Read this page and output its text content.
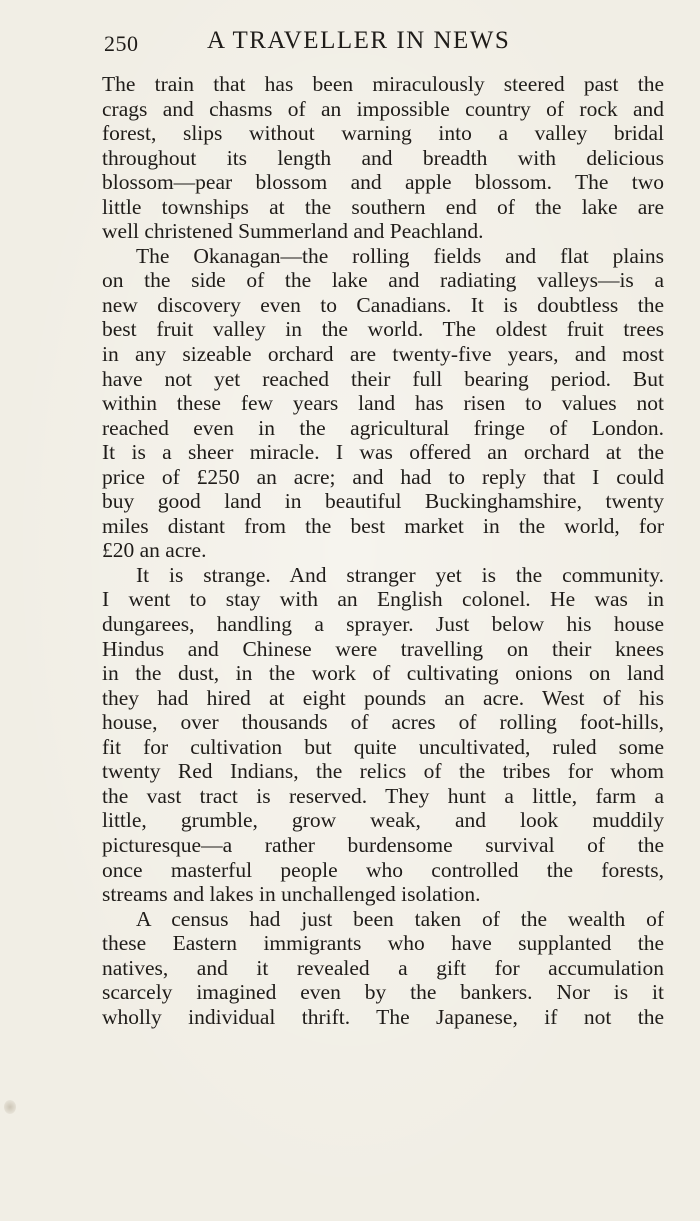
250	A TRAVELLER IN NEWS
The train that has been miraculously steered past the
crags and chasms of an impossible country of rock and
forest, slips without warning into a valley bridal
throughout its length and breadth with delicious
blossom—pear blossom and apple blossom. The two
little townships at the southern end of the lake are
well christened Summerland and Peachland.
The Okanagan—the rolling fields and flat plains
on the side of the lake and radiating valleys—is a
new discovery even to Canadians. It is doubtless the
best fruit valley in the world. The oldest fruit trees
in any sizeable orchard are twenty-five years, and most
have not yet reached their full bearing period. But
within these few years land has risen to values not
reached even in the agricultural fringe of London.
It is a sheer miracle. I was offered an orchard at the
price of £250 an acre; and had to reply that I could
buy good land in beautiful Buckinghamshire, twenty
miles distant from the best market in the world, for
£20 an acre.
It is strange. And stranger yet is the community.
I went to stay with an English colonel. He was in
dungarees, handling a sprayer. Just below his house
Hindus and Chinese were travelling on their knees
in the dust, in the work of cultivating onions on land
they had hired at eight pounds an acre. West of his
house, over thousands of acres of rolling foot-hills,
fit for cultivation but quite uncultivated, ruled some
twenty Red Indians, the relics of the tribes for whom
the vast tract is reserved. They hunt a little, farm a
little, grumble, grow weak, and look muddily
picturesque—a rather burdensome survival of the
once masterful people who controlled the forests,
streams and lakes in unchallenged isolation.
A census had just been taken of the wealth of
these Eastern immigrants who have supplanted the
natives, and it revealed a gift for accumulation
scarcely imagined even by the bankers. Nor is it
wholly individual thrift. The Japanese, if not the
